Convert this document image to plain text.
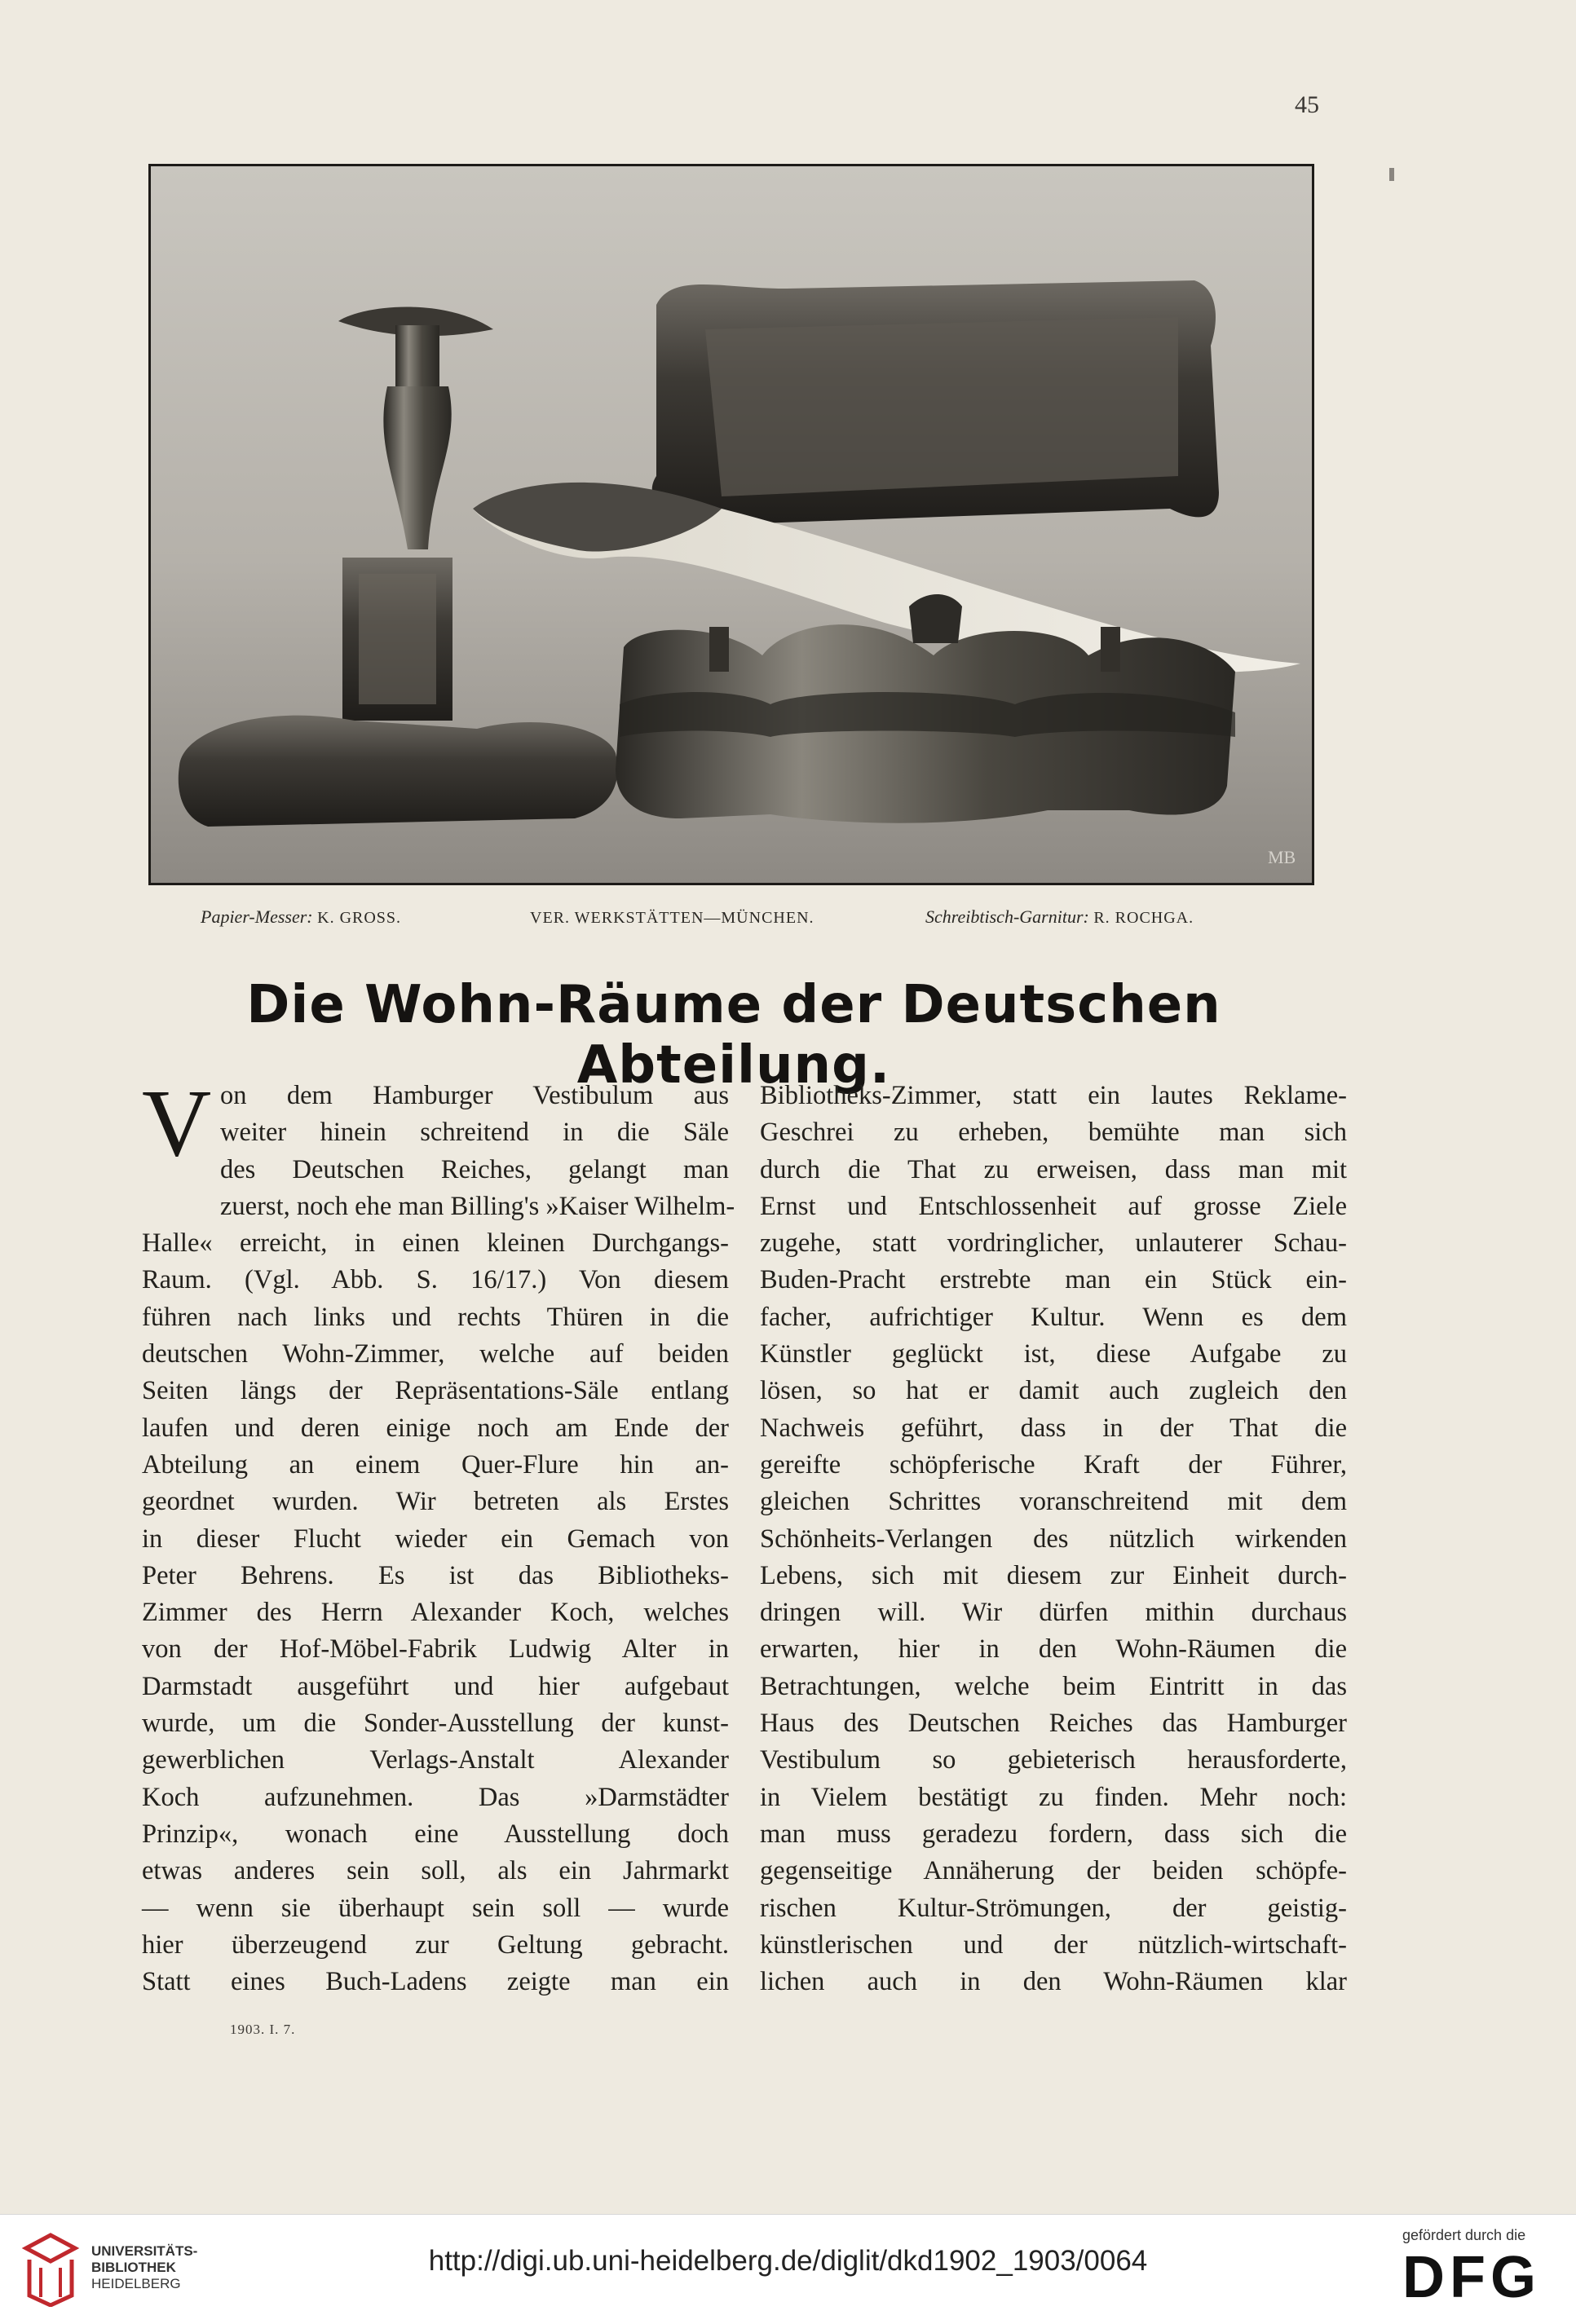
45
MB
Papier-Messer: K. GROSS.	VER. WERKSTÄTTEN—MÜNCHEN.	Schreibtisch-Garnitur: R. ROCHGA.
Die Wohn-Räume der Deutschen Abteilung.
V on dem Hamburger Vestibulum aus
weiter hinein schreitend in die Säle
des Deutschen Reiches, gelangt man
zuerst, noch ehe man Billing's »Kaiser Wilhelm-
Halle« erreicht, in einen kleinen Durchgangs-
Raum. (Vgl. Abb. S. 16/17.) Von diesem
führen nach links und rechts Thüren in die
deutschen Wohn-Zimmer, welche auf beiden
Seiten längs der Repräsentations-Säle entlang
laufen und deren einige noch am Ende der
Abteilung an einem Quer-Flure hin an-
geordnet wurden. Wir betreten als Erstes
in dieser Flucht wieder ein Gemach von
Peter Behrens. Es ist das Bibliotheks-
Zimmer des Herrn Alexander Koch, welches
von der Hof-Möbel-Fabrik Ludwig Alter in
Darmstadt ausgeführt und hier aufgebaut
wurde, um die Sonder-Ausstellung der kunst-
gewerblichen Verlags-Anstalt Alexander
Koch aufzunehmen. Das »Darmstädter
Prinzip«, wonach eine Ausstellung doch
etwas anderes sein soll, als ein Jahrmarkt
— wenn sie überhaupt sein soll — wurde
hier überzeugend zur Geltung gebracht.
Statt eines Buch-Ladens zeigte man ein
Bibliotheks-Zimmer, statt ein lautes Reklame-
Geschrei zu erheben, bemühte man sich
durch die That zu erweisen, dass man mit
Ernst und Entschlossenheit auf grosse Ziele
zugehe, statt vordringlicher, unlauterer Schau-
Buden-Pracht erstrebte man ein Stück ein-
facher, aufrichtiger Kultur. Wenn es dem
Künstler geglückt ist, diese Aufgabe zu
lösen, so hat er damit auch zugleich den
Nachweis geführt, dass in der That die
gereifte schöpferische Kraft der Führer,
gleichen Schrittes voranschreitend mit dem
Schönheits-Verlangen des nützlich wirkenden
Lebens, sich mit diesem zur Einheit durch-
dringen will. Wir dürfen mithin durchaus
erwarten, hier in den Wohn-Räumen die
Betrachtungen, welche beim Eintritt in das
Haus des Deutschen Reiches das Hamburger
Vestibulum so gebieterisch herausforderte,
in Vielem bestätigt zu finden. Mehr noch:
man muss geradezu fordern, dass sich die
gegenseitige Annäherung der beiden schöpfe-
rischen Kultur-Strömungen, der geistig-
künstlerischen und der nützlich-wirtschaft-
lichen auch in den Wohn-Räumen klar
1903. I. 7.
UNIVERSITÄTS-
BIBLIOTHEK
HEIDELBERG
http://digi.ub.uni-heidelberg.de/diglit/dkd1902_1903/0064
gefördert durch die
DFG
